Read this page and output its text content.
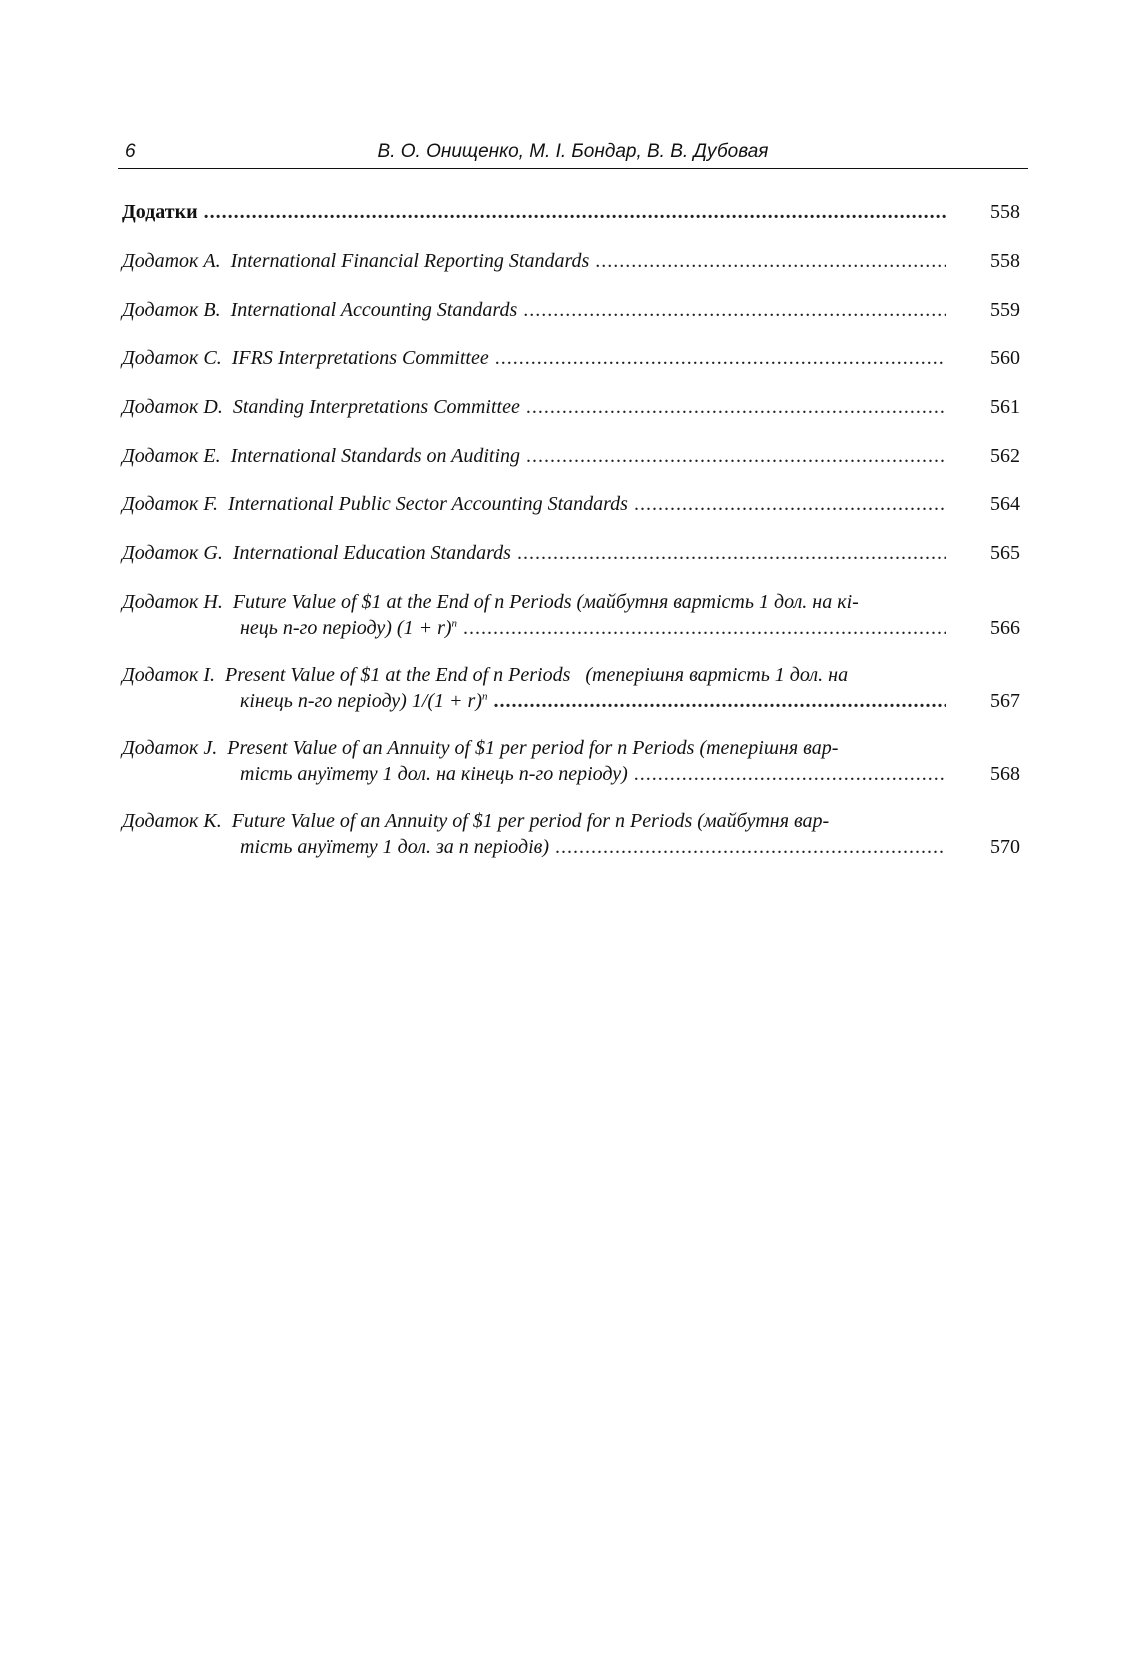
6	В. О. Онищенко, М. І. Бондар, В. В. Дубовая
Додатки .....	558
Додаток A. International Financial Reporting Standards .....	558
Додаток B. International Accounting Standards .....	559
Додаток C. IFRS Interpretations Committee .....	560
Додаток D. Standing Interpretations Committee .....	561
Додаток E. International Standards on Auditing .....	562
Додаток F. International Public Sector Accounting Standards .....	564
Додаток G. International Education Standards .....	565
Додаток H. Future Value of $1 at the End of n Periods (майбутня вартість 1 дол. на кі-
нець n-го періоду) $(1 + r)^n$ .....	566
Додаток I. Present Value of $1 at the End of n Periods   (теперішня вартість 1 дол. на
кінець n-го періоду) $1/(1 + r)^n$ .....	567
Додаток J. Present Value of an Annuity of $1 per period for n Periods (теперішня вар-
тість ануїтету 1 дол. на кінець n-го періоду) .....	568
Додаток K. Future Value of an Annuity of $1 per period for n Periods (майбутня вар-
тість ануїтету 1 дол. за n періодів) .....	570
